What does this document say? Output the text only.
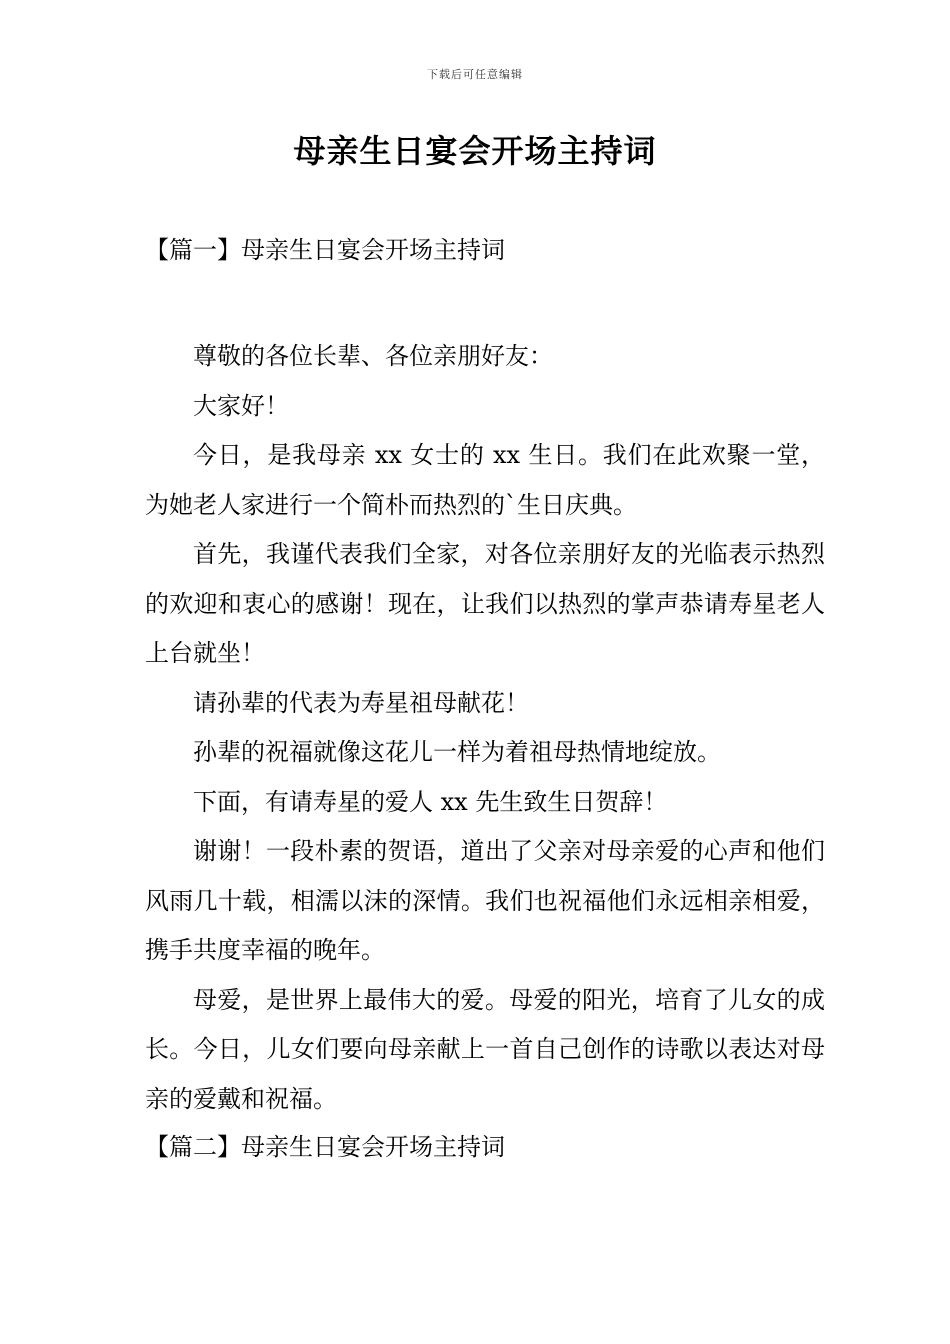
下载后可任意编辑
母亲生日宴会开场主持词
【篇一】母亲生日宴会开场主持词

尊敬的各位长辈、各位亲朋好友：

大家好！

今日，是我母亲 xx 女士的 xx 生日。我们在此欢聚一堂，为她老人家进行一个简朴而热烈的`生日庆典。

首先，我谨代表我们全家，对各位亲朋好友的光临表示热烈的欢迎和衷心的感谢！现在，让我们以热烈的掌声恭请寿星老人上台就坐！

请孙辈的代表为寿星祖母献花！

孙辈的祝福就像这花儿一样为着祖母热情地绽放。

下面，有请寿星的爱人 xx 先生致生日贺辞！

谢谢！一段朴素的贺语，道出了父亲对母亲爱的心声和他们风雨几十载，相濡以沫的深情。我们也祝福他们永远相亲相爱，携手共度幸福的晚年。

母爱，是世界上最伟大的爱。母爱的阳光，培育了儿女的成长。今日，儿女们要向母亲献上一首自己创作的诗歌以表达对母亲的爱戴和祝福。

【篇二】母亲生日宴会开场主持词
